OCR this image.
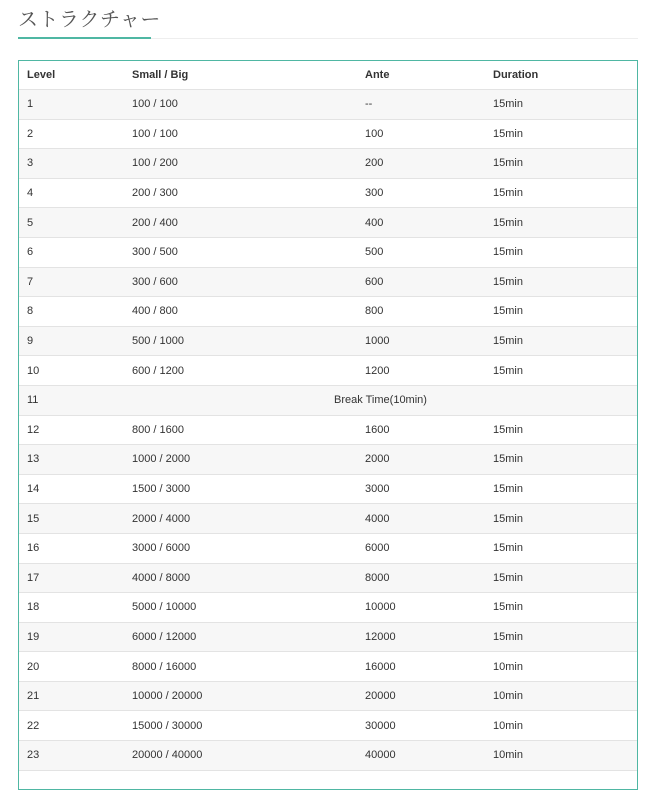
ストラクチャー
Level	Small / Big	Ante	Duration
1	100 / 100	--	15min
2	100 / 100	100	15min
3	100 / 200	200	15min
4	200 / 300	300	15min
5	200 / 400	400	15min
6	300 / 500	500	15min
7	300 / 600	600	15min
8	400 / 800	800	15min
9	500 / 1000	1000	15min
10	600 / 1200	1200	15min
11	Break Time(10min)		
12	800 / 1600	1600	15min
13	1000 / 2000	2000	15min
14	1500 / 3000	3000	15min
15	2000 / 4000	4000	15min
16	3000 / 6000	6000	15min
17	4000 / 8000	8000	15min
18	5000 / 10000	10000	15min
19	6000 / 12000	12000	15min
20	8000 / 16000	16000	10min
21	10000 / 20000	20000	10min
22	15000 / 30000	30000	10min
23	20000 / 40000	40000	10min
